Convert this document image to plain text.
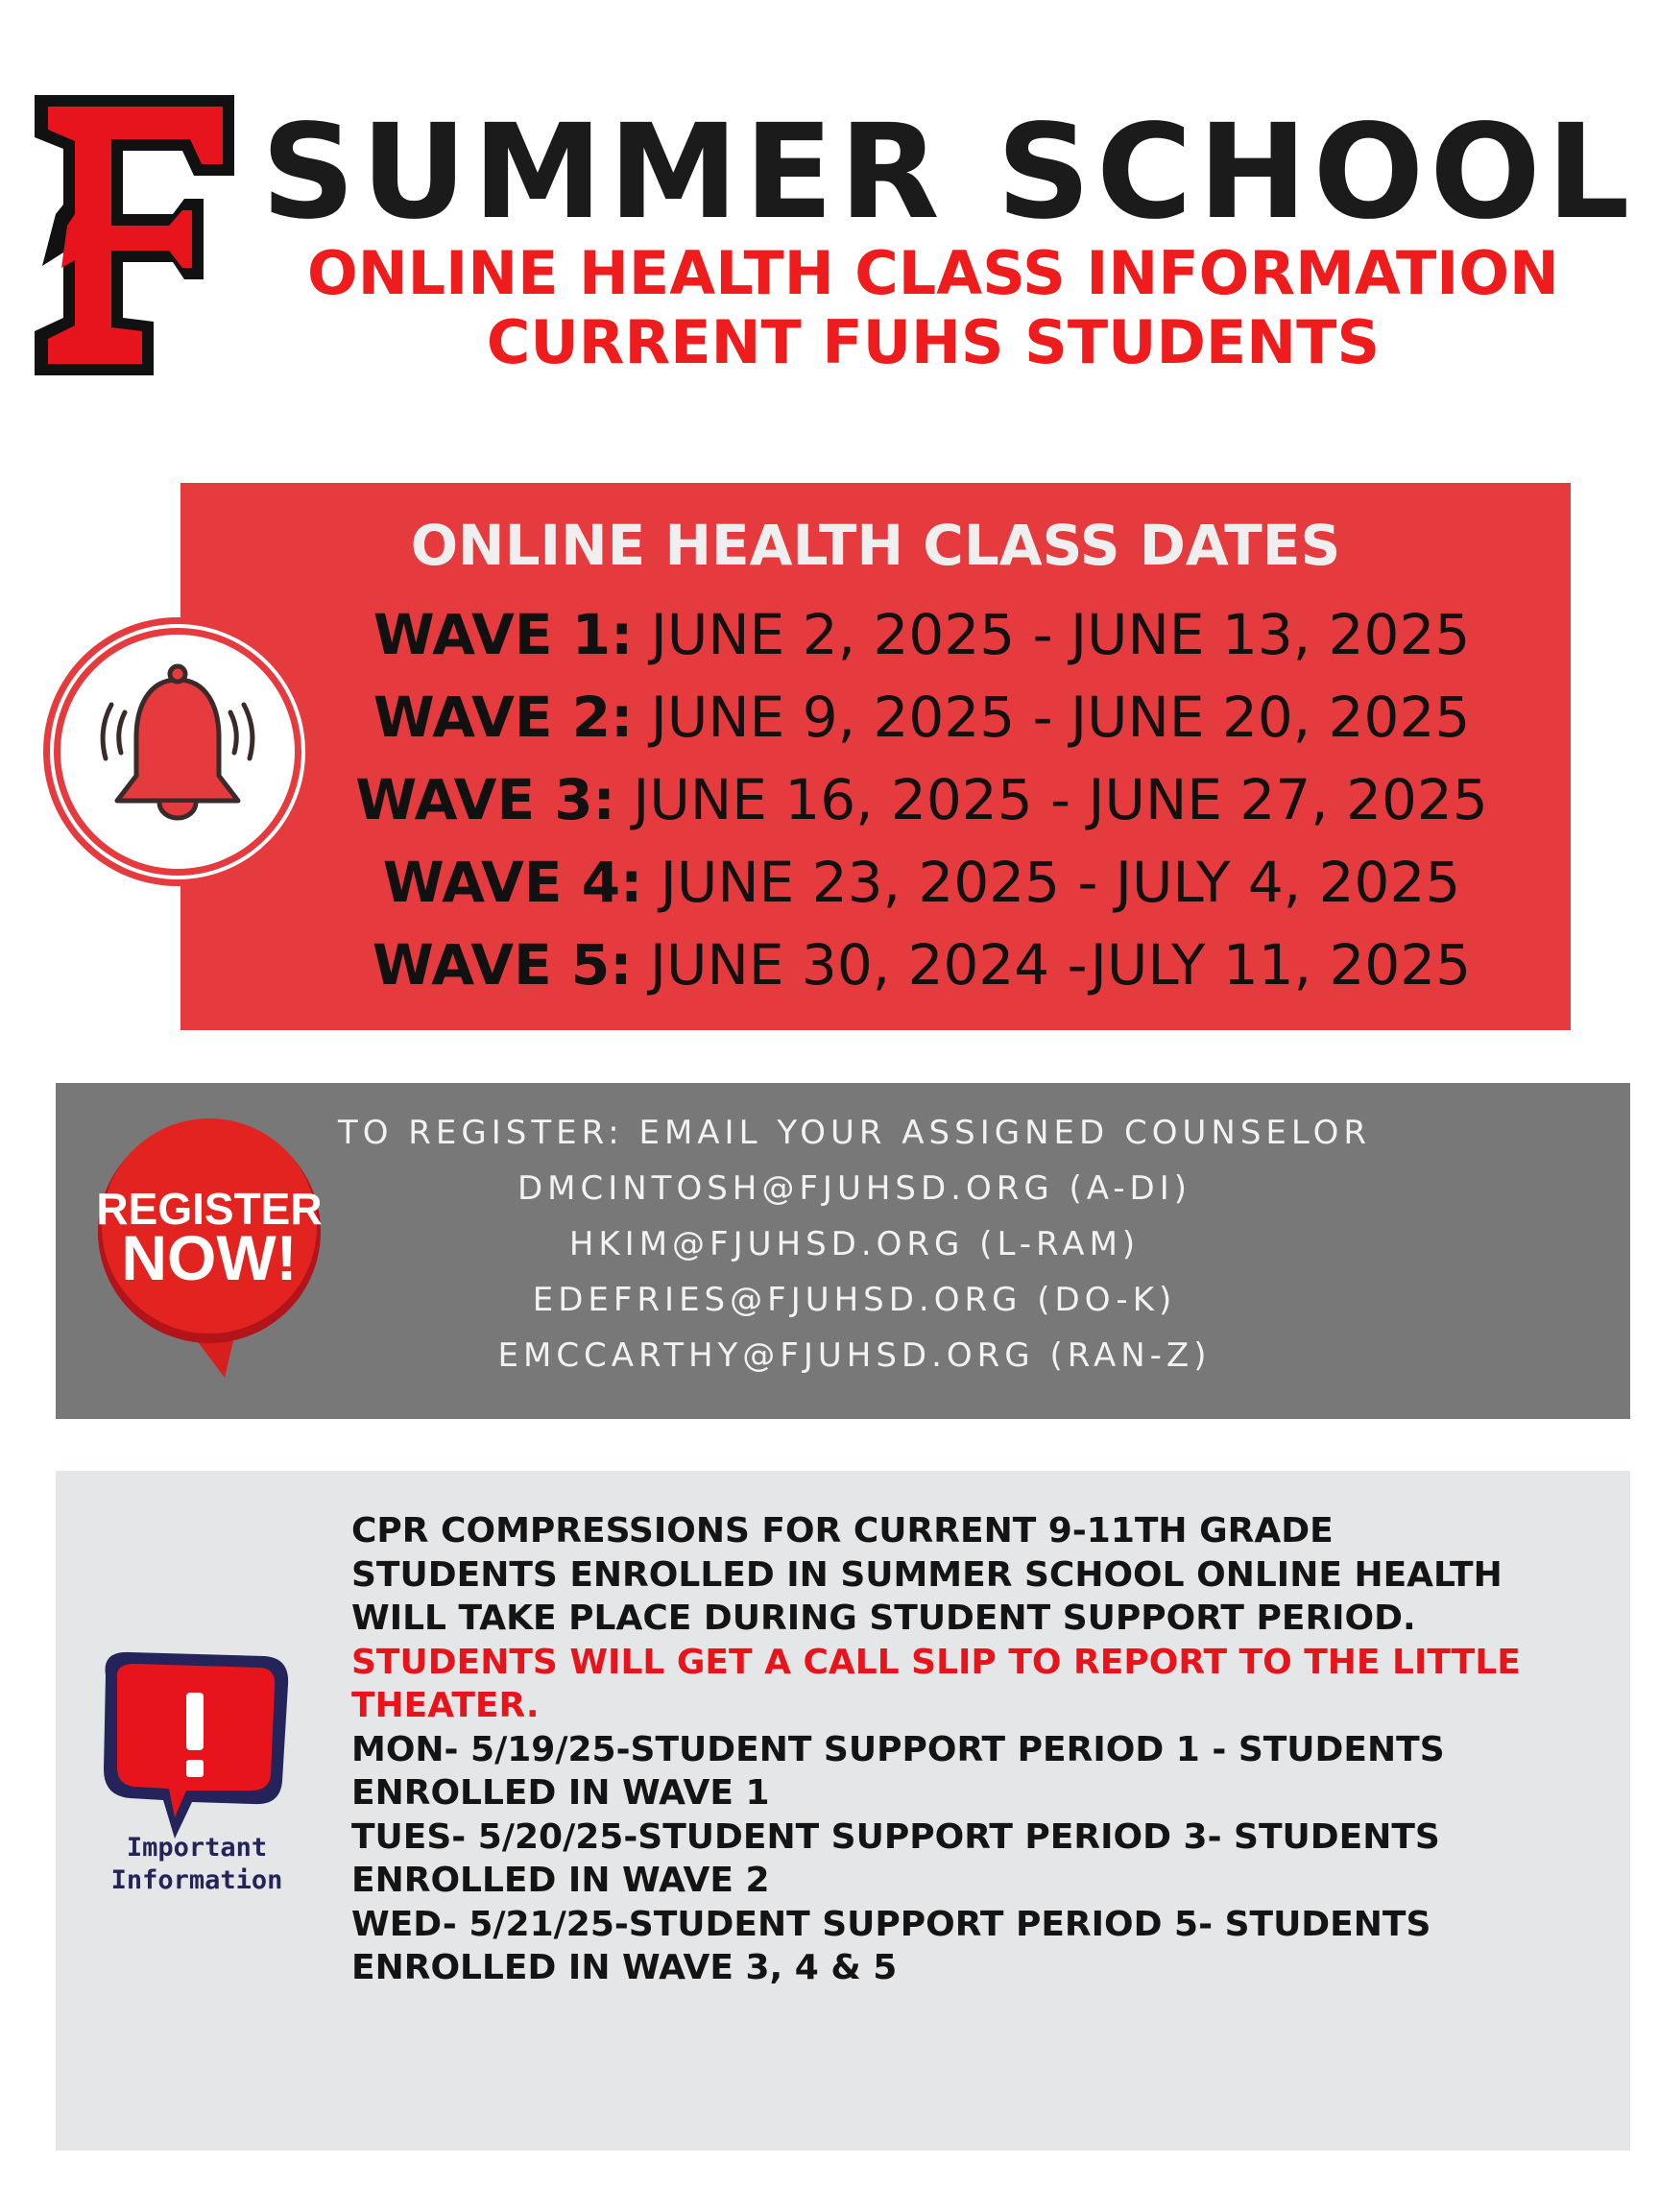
SUMMER SCHOOL
ONLINE HEALTH CLASS INFORMATION
CURRENT FUHS STUDENTS
ONLINE HEALTH CLASS DATES
WAVE 1: JUNE 2, 2025 - JUNE 13, 2025
WAVE 2: JUNE 9, 2025 - JUNE 20, 2025
WAVE 3: JUNE 16, 2025 - JUNE 27, 2025
WAVE 4: JUNE 23, 2025 - JULY 4, 2025
WAVE 5: JUNE 30, 2024 -JULY 11, 2025
REGISTER
NOW!
TO REGISTER: EMAIL YOUR ASSIGNED COUNSELOR
DMCINTOSH@FJUHSD.ORG (A-DI)
HKIM@FJUHSD.ORG (L-RAM)
EDEFRIES@FJUHSD.ORG (DO-K)
EMCCARTHY@FJUHSD.ORG (RAN-Z)

Important

Information

CPR COMPRESSIONS FOR CURRENT 9-11TH GRADE
STUDENTS ENROLLED IN SUMMER SCHOOL ONLINE HEALTH
WILL TAKE PLACE DURING STUDENT SUPPORT PERIOD.
STUDENTS WILL GET A CALL SLIP TO REPORT TO THE LITTLE
THEATER.
MON- 5/19/25-STUDENT SUPPORT PERIOD 1 - STUDENTS
ENROLLED IN WAVE 1
TUES- 5/20/25-STUDENT SUPPORT PERIOD 3- STUDENTS
ENROLLED IN WAVE 2
WED- 5/21/25-STUDENT SUPPORT PERIOD 5- STUDENTS
ENROLLED IN WAVE 3, 4 & 5
